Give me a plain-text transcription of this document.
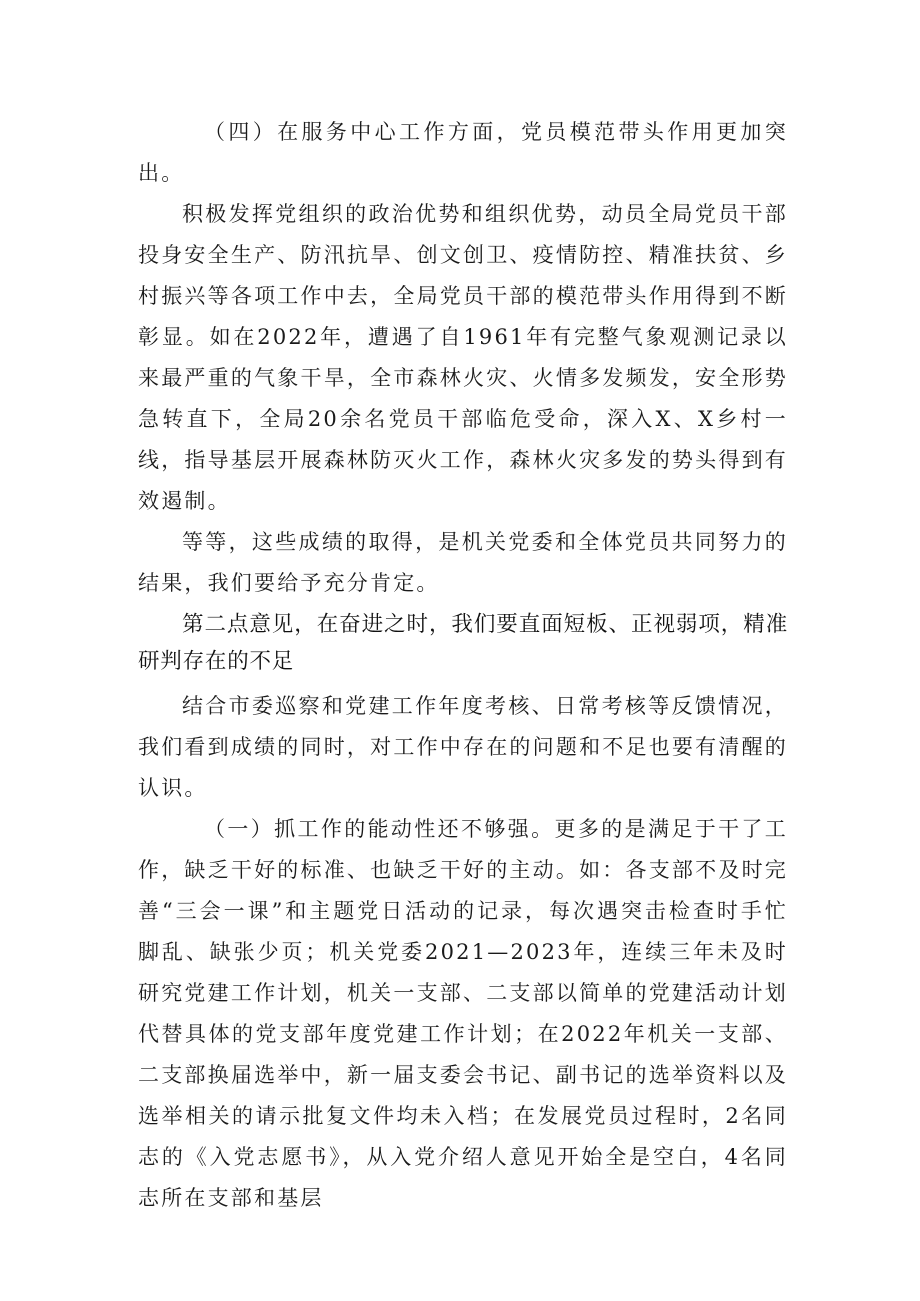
（四）在服务中心工作方面，党员模范带头作用更加突出。

积极发挥党组织的政治优势和组织优势，动员全局党员干部投身安全生产、防汛抗旱、创文创卫、疫情防控、精准扶贫、乡村振兴等各项工作中去，全局党员干部的模范带头作用得到不断彰显。如在2022年，遭遇了自1961年有完整气象观测记录以来最严重的气象干旱，全市森林火灾、火情多发频发，安全形势急转直下，全局20余名党员干部临危受命，深入X、X乡村一线，指导基层开展森林防灭火工作，森林火灾多发的势头得到有效遏制。

等等，这些成绩的取得，是机关党委和全体党员共同努力的结果，我们要给予充分肯定。

第二点意见，在奋进之时，我们要直面短板、正视弱项，精准研判存在的不足

结合市委巡察和党建工作年度考核、日常考核等反馈情况，我们看到成绩的同时，对工作中存在的问题和不足也要有清醒的认识。

（一）抓工作的能动性还不够强。更多的是满足于干了工作，缺乏干好的标准、也缺乏干好的主动。如：各支部不及时完善“三会一课”和主题党日活动的记录，每次遇突击检查时手忙脚乱、缺张少页；机关党委2021—2023年，连续三年未及时研究党建工作计划，机关一支部、二支部以简单的党建活动计划代替具体的党支部年度党建工作计划；在2022年机关一支部、二支部换届选举中，新一届支委会书记、副书记的选举资料以及选举相关的请示批复文件均未入档；在发展党员过程时，2名同志的《入党志愿书》，从入党介绍人意见开始全是空白，4名同志所在支部和基层
